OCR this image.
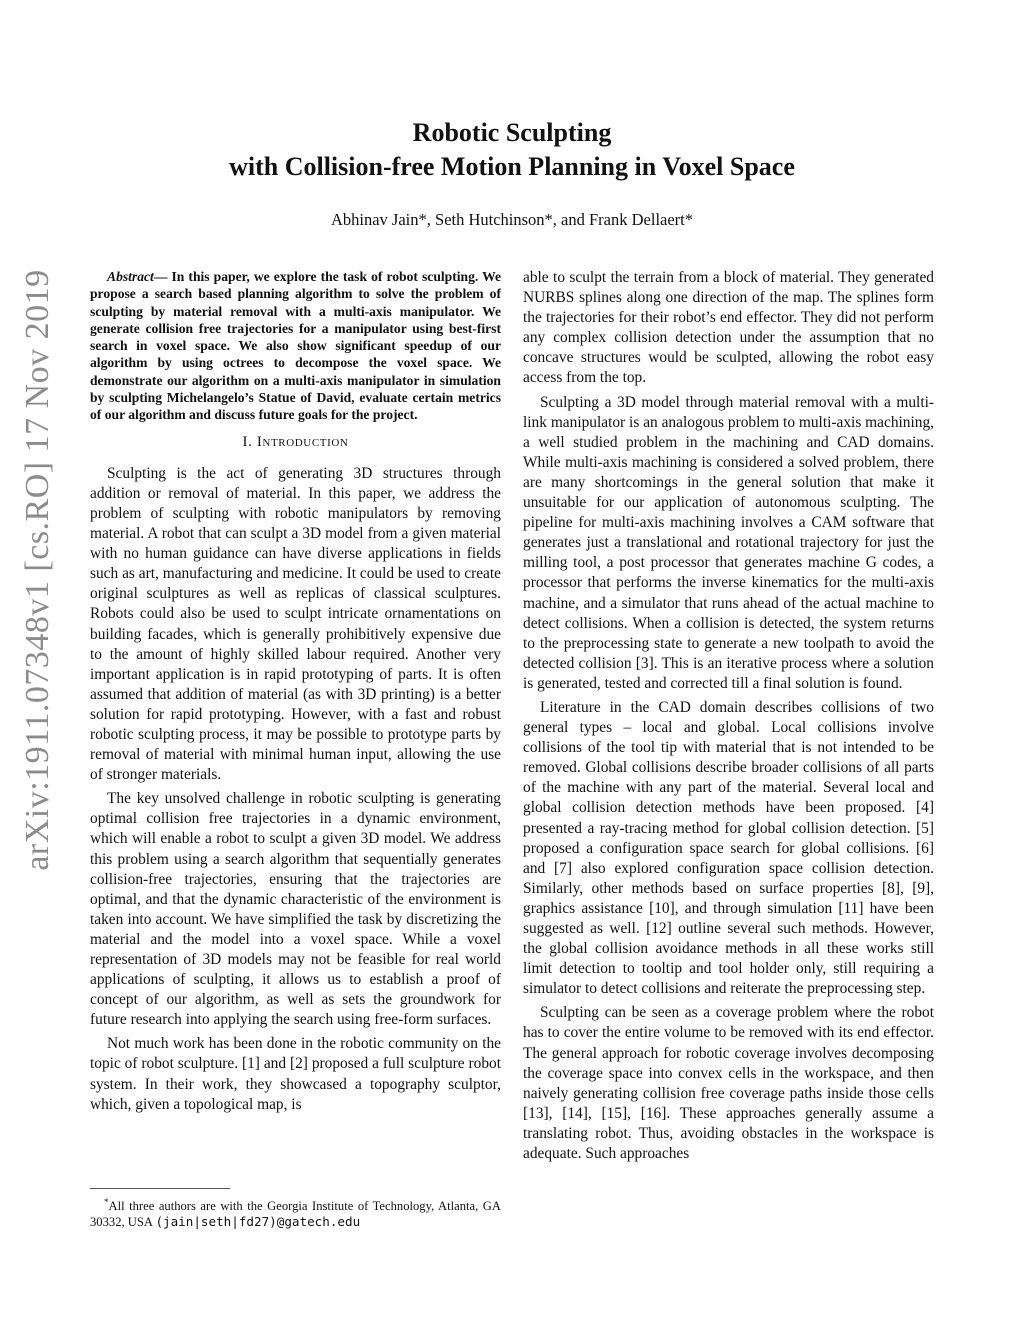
arXiv:1911.07348v1 [cs.RO] 17 Nov 2019
Robotic Sculpting
with Collision-free Motion Planning in Voxel Space
Abhinav Jain*, Seth Hutchinson*, and Frank Dellaert*

Abstract— In this paper, we explore the task of robot sculpting. We propose a search based planning algorithm to solve the problem of sculpting by material removal with a multi-axis manipulator. We generate collision free trajectories for a manipulator using best-first search in voxel space. We also show significant speedup of our algorithm by using octrees to decompose the voxel space. We demonstrate our algorithm on a multi-axis manipulator in simulation by sculpting Michelangelo’s Statue of David, evaluate certain metrics of our algorithm and discuss future goals for the project.

I. Introduction

Sculpting is the act of generating 3D structures through addition or removal of material. In this paper, we address the problem of sculpting with robotic manipulators by removing material. A robot that can sculpt a 3D model from a given material with no human guidance can have diverse applications in fields such as art, manufacturing and medicine. It could be used to create original sculptures as well as replicas of classical sculptures. Robots could also be used to sculpt intricate ornamentations on building facades, which is generally prohibitively expensive due to the amount of highly skilled labour required. Another very important application is in rapid prototyping of parts. It is often assumed that addition of material (as with 3D printing) is a better solution for rapid prototyping. However, with a fast and robust robotic sculpting process, it may be possible to prototype parts by removal of material with minimal human input, allowing the use of stronger materials.

The key unsolved challenge in robotic sculpting is generating optimal collision free trajectories in a dynamic environment, which will enable a robot to sculpt a given 3D model. We address this problem using a search algorithm that sequentially generates collision-free trajectories, ensuring that the trajectories are optimal, and that the dynamic characteristic of the environment is taken into account. We have simplified the task by discretizing the material and the model into a voxel space. While a voxel representation of 3D models may not be feasible for real world applications of sculpting, it allows us to establish a proof of concept of our algorithm, as well as sets the groundwork for future research into applying the search using free-form surfaces.

Not much work has been done in the robotic community on the topic of robot sculpture. [1] and [2] proposed a full sculpture robot system. In their work, they showcased a topography sculptor, which, given a topological map, is

able to sculpt the terrain from a block of material. They generated NURBS splines along one direction of the map. The splines form the trajectories for their robot’s end effector. They did not perform any complex collision detection under the assumption that no concave structures would be sculpted, allowing the robot easy access from the top.

Sculpting a 3D model through material removal with a multi-link manipulator is an analogous problem to multi-axis machining, a well studied problem in the machining and CAD domains. While multi-axis machining is considered a solved problem, there are many shortcomings in the general solution that make it unsuitable for our application of autonomous sculpting. The pipeline for multi-axis machining involves a CAM software that generates just a translational and rotational trajectory for just the milling tool, a post processor that generates machine G codes, a processor that performs the inverse kinematics for the multi-axis machine, and a simulator that runs ahead of the actual machine to detect collisions. When a collision is detected, the system returns to the preprocessing state to generate a new toolpath to avoid the detected collision [3]. This is an iterative process where a solution is generated, tested and corrected till a final solution is found.

Literature in the CAD domain describes collisions of two general types – local and global. Local collisions involve collisions of the tool tip with material that is not intended to be removed. Global collisions describe broader collisions of all parts of the machine with any part of the material. Several local and global collision detection methods have been proposed. [4] presented a ray-tracing method for global collision detection. [5] proposed a configuration space search for global collisions. [6] and [7] also explored configuration space collision detection. Similarly, other methods based on surface properties [8], [9], graphics assistance [10], and through simulation [11] have been suggested as well. [12] outline several such methods. However, the global collision avoidance methods in all these works still limit detection to tooltip and tool holder only, still requiring a simulator to detect collisions and reiterate the preprocessing step.

Sculpting can be seen as a coverage problem where the robot has to cover the entire volume to be removed with its end effector. The general approach for robotic coverage involves decomposing the coverage space into convex cells in the workspace, and then naively generating collision free coverage paths inside those cells [13], [14], [15], [16]. These approaches generally assume a translating robot. Thus, avoiding obstacles in the workspace is adequate. Such approaches

*All three authors are with the Georgia Institute of Technology, Atlanta, GA 30332, USA (jain|seth|fd27)@gatech.edu
